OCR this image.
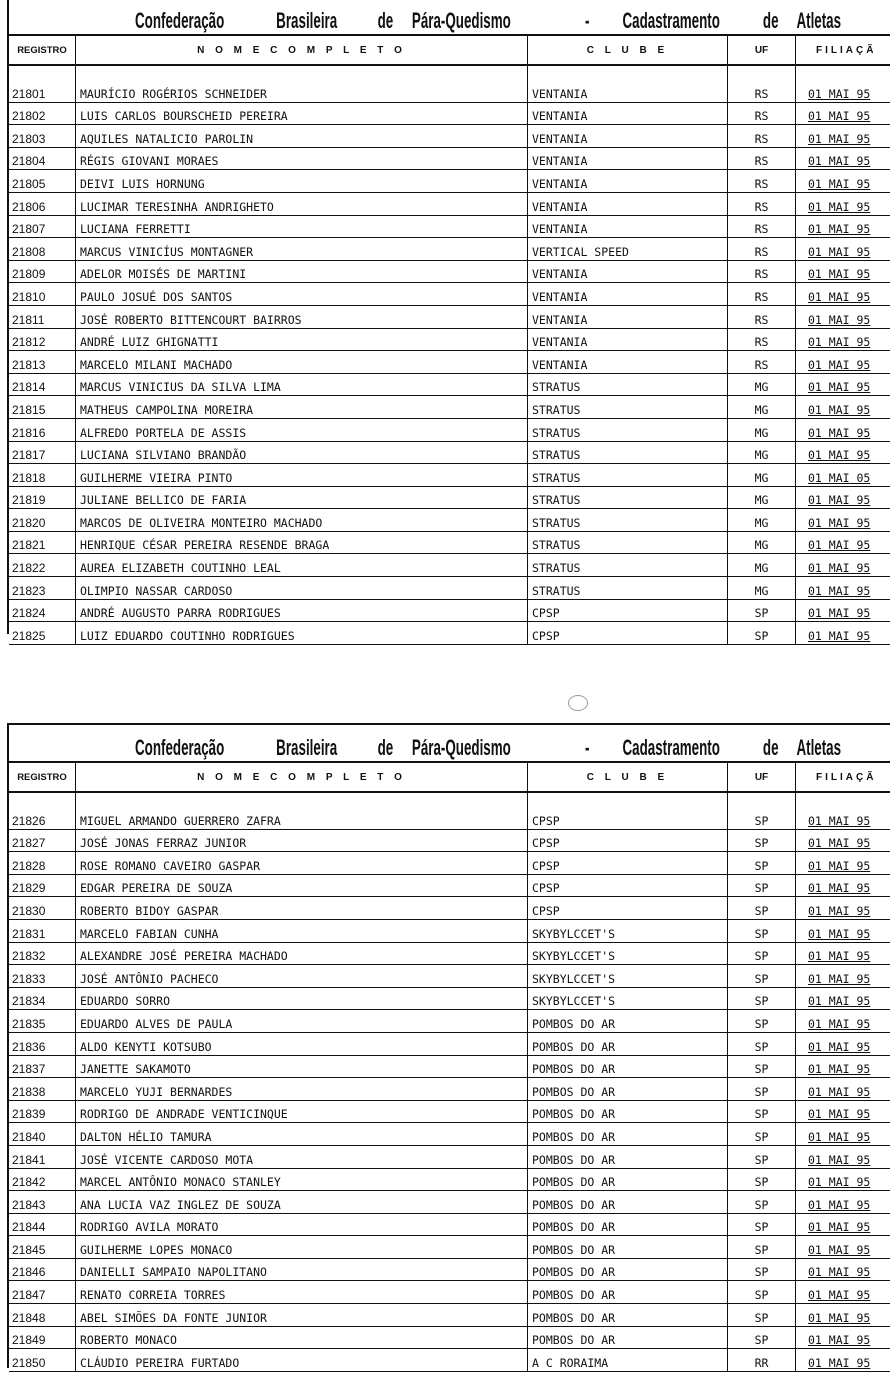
Confederação Brasileira de Pára-Quedismo	- Cadastramento de Atletas
REGISTRO	N O M E C O M P L E T O	C L U B E	UF	FILIAÇÃ
21801	MAURÍCIO ROGÉRIOS SCHNEIDER	VENTANIA	RS	01 MAI 95
21802	LUIS CARLOS BOURSCHEID PEREIRA	VENTANIA	RS	01 MAI 95
21803	AQUILES NATALICIO PAROLIN	VENTANIA	RS	01 MAI 95
21804	RÉGIS GIOVANI MORAES	VENTANIA	RS	01 MAI 95
21805	DEIVI LUIS HORNUNG	VENTANIA	RS	01 MAI 95
21806	LUCIMAR TERESINHA ANDRIGHETO	VENTANIA	RS	01 MAI 95
21807	LUCIANA FERRETTI	VENTANIA	RS	01 MAI 95
21808	MARCUS VINICÍUS MONTAGNER	VERTICAL SPEED	RS	01 MAI 95
21809	ADELOR MOISÉS DE MARTINI	VENTANIA	RS	01 MAI 95
21810	PAULO JOSUÉ DOS SANTOS	VENTANIA	RS	01 MAI 95
21811	JOSÉ ROBERTO BITTENCOURT BAIRROS	VENTANIA	RS	01 MAI 95
21812	ANDRÉ LUIZ GHIGNATTI	VENTANIA	RS	01 MAI 95
21813	MARCELO MILANI MACHADO	VENTANIA	RS	01 MAI 95
21814	MARCUS VINICIUS DA SILVA LIMA	STRATUS	MG	01 MAI 95
21815	MATHEUS CAMPOLINA MOREIRA	STRATUS	MG	01 MAI 95
21816	ALFREDO PORTELA DE ASSIS	STRATUS	MG	01 MAI 95
21817	LUCIANA SILVIANO BRANDÃO	STRATUS	MG	01 MAI 95
21818	GUILHERME VIEIRA PINTO	STRATUS	MG	01 MAI 05
21819	JULIANE BELLICO DE FARIA	STRATUS	MG	01 MAI 95
21820	MARCOS DE OLIVEIRA MONTEIRO MACHADO	STRATUS	MG	01 MAI 95
21821	HENRIQUE CÉSAR PEREIRA RESENDE BRAGA	STRATUS	MG	01 MAI 95
21822	AUREA ELIZABETH COUTINHO LEAL	STRATUS	MG	01 MAI 95
21823	OLIMPIO NASSAR CARDOSO	STRATUS	MG	01 MAI 95
21824	ANDRÉ AUGUSTO PARRA RODRIGUES	CPSP	SP	01 MAI 95
21825	LUIZ EDUARDO COUTINHO RODRIGUES	CPSP	SP	01 MAI 95
Confederação Brasileira de Pára-Quedismo	- Cadastramento de Atletas
REGISTRO	N O M E C O M P L E T O	C L U B E	UF	FILIAÇÃ
21826	MIGUEL ARMANDO GUERRERO ZAFRA	CPSP	SP	01 MAI 95
21827	JOSÉ JONAS FERRAZ JUNIOR	CPSP	SP	01 MAI 95
21828	ROSE ROMANO CAVEIRO GASPAR	CPSP	SP	01 MAI 95
21829	EDGAR PEREIRA DE SOUZA	CPSP	SP	01 MAI 95
21830	ROBERTO BIDOY GASPAR	CPSP	SP	01 MAI 95
21831	MARCELO FABIAN CUNHA	SKYBYLCCET'S	SP	01 MAI 95
21832	ALEXANDRE JOSÉ PEREIRA MACHADO	SKYBYLCCET'S	SP	01 MAI 95
21833	JOSÉ ANTÔNIO PACHECO	SKYBYLCCET'S	SP	01 MAI 95
21834	EDUARDO SORRO	SKYBYLCCET'S	SP	01 MAI 95
21835	EDUARDO ALVES DE PAULA	POMBOS DO AR	SP	01 MAI 95
21836	ALDO KENYTI KOTSUBO	POMBOS DO AR	SP	01 MAI 95
21837	JANETTE SAKAMOTO	POMBOS DO AR	SP	01 MAI 95
21838	MARCELO YUJI BERNARDES	POMBOS DO AR	SP	01 MAI 95
21839	RODRIGO DE ANDRADE VENTICINQUE	POMBOS DO AR	SP	01 MAI 95
21840	DALTON HÉLIO TAMURA	POMBOS DO AR	SP	01 MAI 95
21841	JOSÉ VICENTE CARDOSO MOTA	POMBOS DO AR	SP	01 MAI 95
21842	MARCEL ANTÔNIO MONACO STANLEY	POMBOS DO AR	SP	01 MAI 95
21843	ANA LUCIA VAZ INGLEZ DE SOUZA	POMBOS DO AR	SP	01 MAI 95
21844	RODRIGO AVILA MORATO	POMBOS DO AR	SP	01 MAI 95
21845	GUILHERME LOPES MONACO	POMBOS DO AR	SP	01 MAI 95
21846	DANIELLI SAMPAIO NAPOLITANO	POMBOS DO AR	SP	01 MAI 95
21847	RENATO CORREIA TORRES	POMBOS DO AR	SP	01 MAI 95
21848	ABEL SIMÕES DA FONTE JUNIOR	POMBOS DO AR	SP	01 MAI 95
21849	ROBERTO MONACO	POMBOS DO AR	SP	01 MAI 95
21850	CLÁUDIO PEREIRA FURTADO	A C RORAIMA	RR	01 MAI 95
